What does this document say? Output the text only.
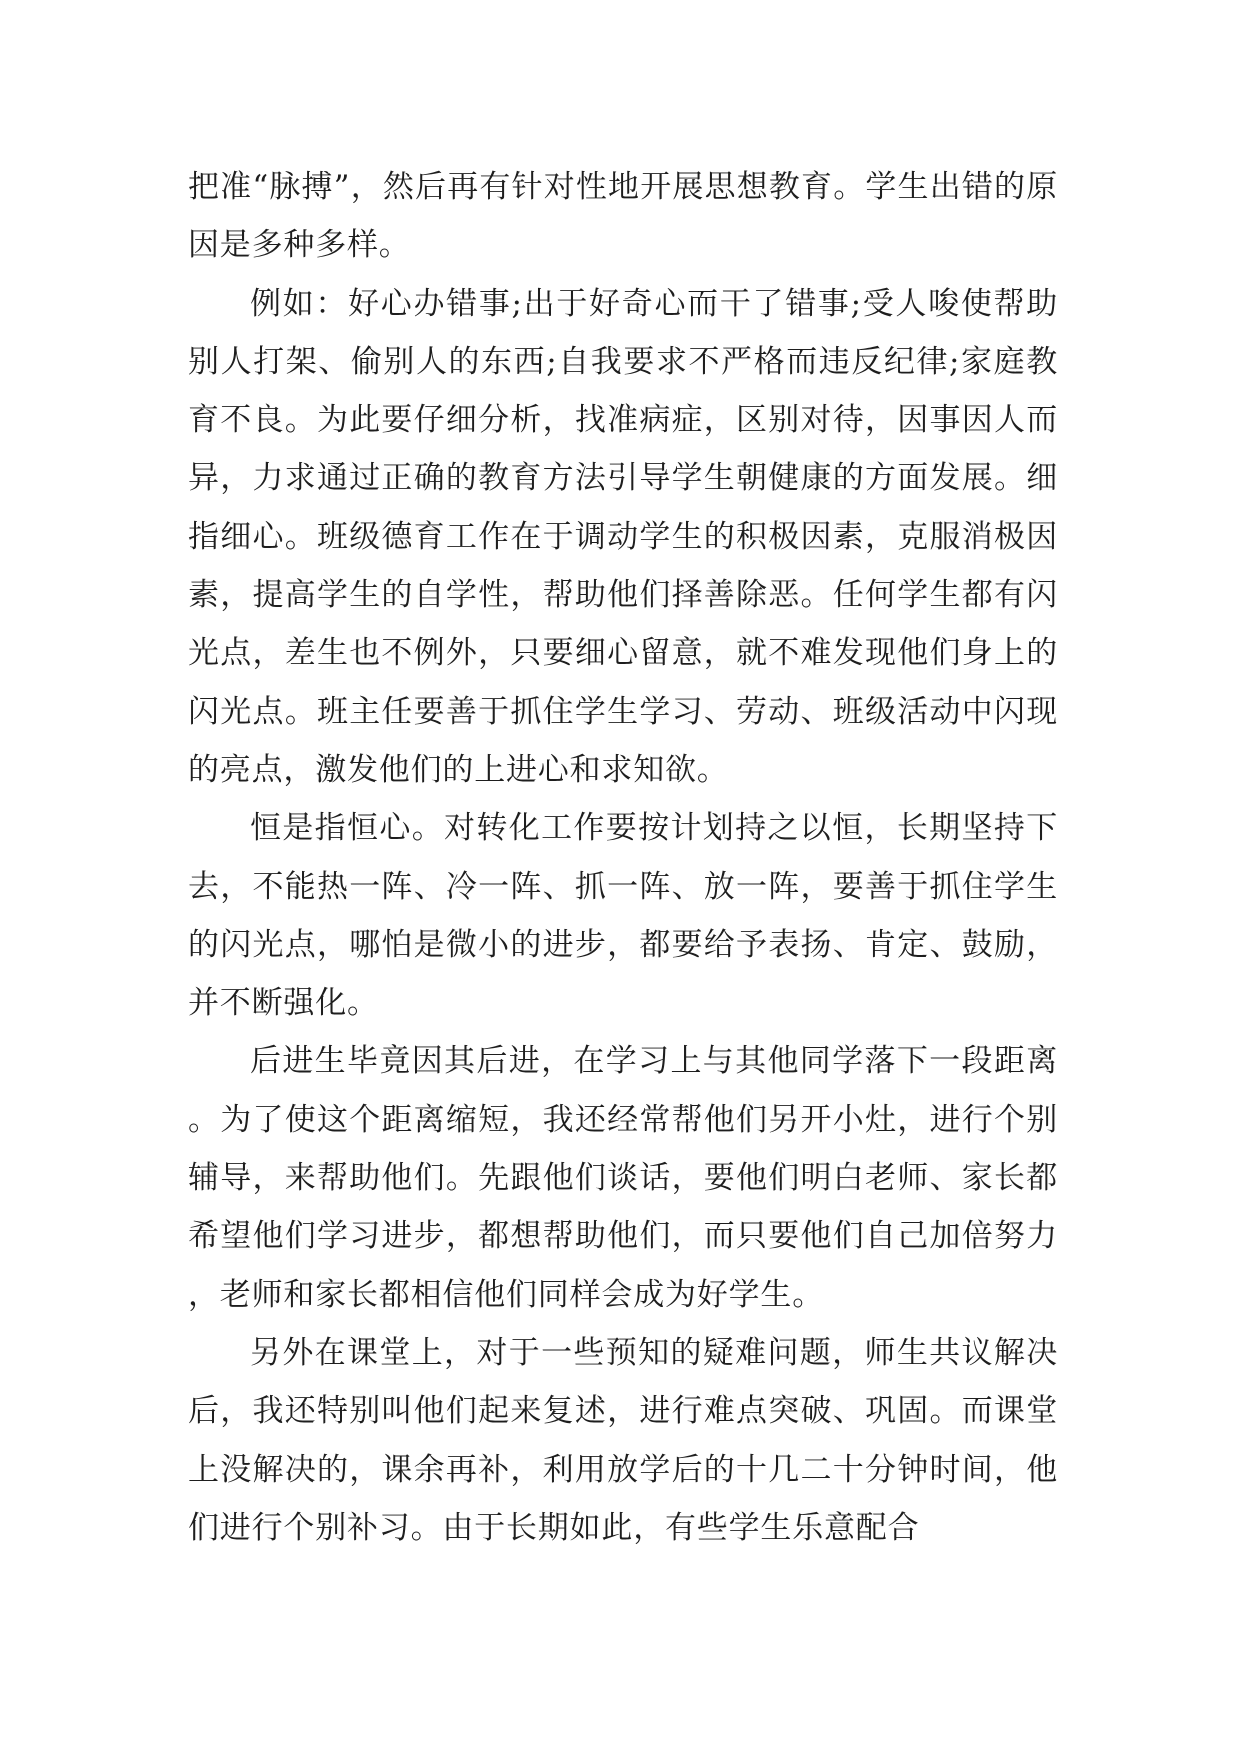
把准“脉搏”，然后再有针对性地开展思想教育。学生出错的原因是多种多样。

例如：好心办错事;出于好奇心而干了错事;受人唆使帮助别人打架、偷别人的东西;自我要求不严格而违反纪律;家庭教育不良。为此要仔细分析，找准病症，区别对待，因事因人而异，力求通过正确的教育方法引导学生朝健康的方面发展。细指细心。班级德育工作在于调动学生的积极因素，克服消极因素，提高学生的自学性，帮助他们择善除恶。任何学生都有闪光点，差生也不例外，只要细心留意，就不难发现他们身上的闪光点。班主任要善于抓住学生学习、劳动、班级活动中闪现的亮点，激发他们的上进心和求知欲。

恒是指恒心。对转化工作要按计划持之以恒，长期坚持下去，不能热一阵、冷一阵、抓一阵、放一阵，要善于抓住学生的闪光点，哪怕是微小的进步，都要给予表扬、肯定、鼓励，并不断强化。

后进生毕竟因其后进，在学习上与其他同学落下一段距离。为了使这个距离缩短，我还经常帮他们另开小灶，进行个别辅导，来帮助他们。先跟他们谈话，要他们明白老师、家长都希望他们学习进步，都想帮助他们，而只要他们自己加倍努力，老师和家长都相信他们同样会成为好学生。

另外在课堂上，对于一些预知的疑难问题，师生共议解决后，我还特别叫他们起来复述，进行难点突破、巩固。而课堂上没解决的，课余再补，利用放学后的十几二十分钟时间，他们进行个别补习。由于长期如此，有些学生乐意配合
